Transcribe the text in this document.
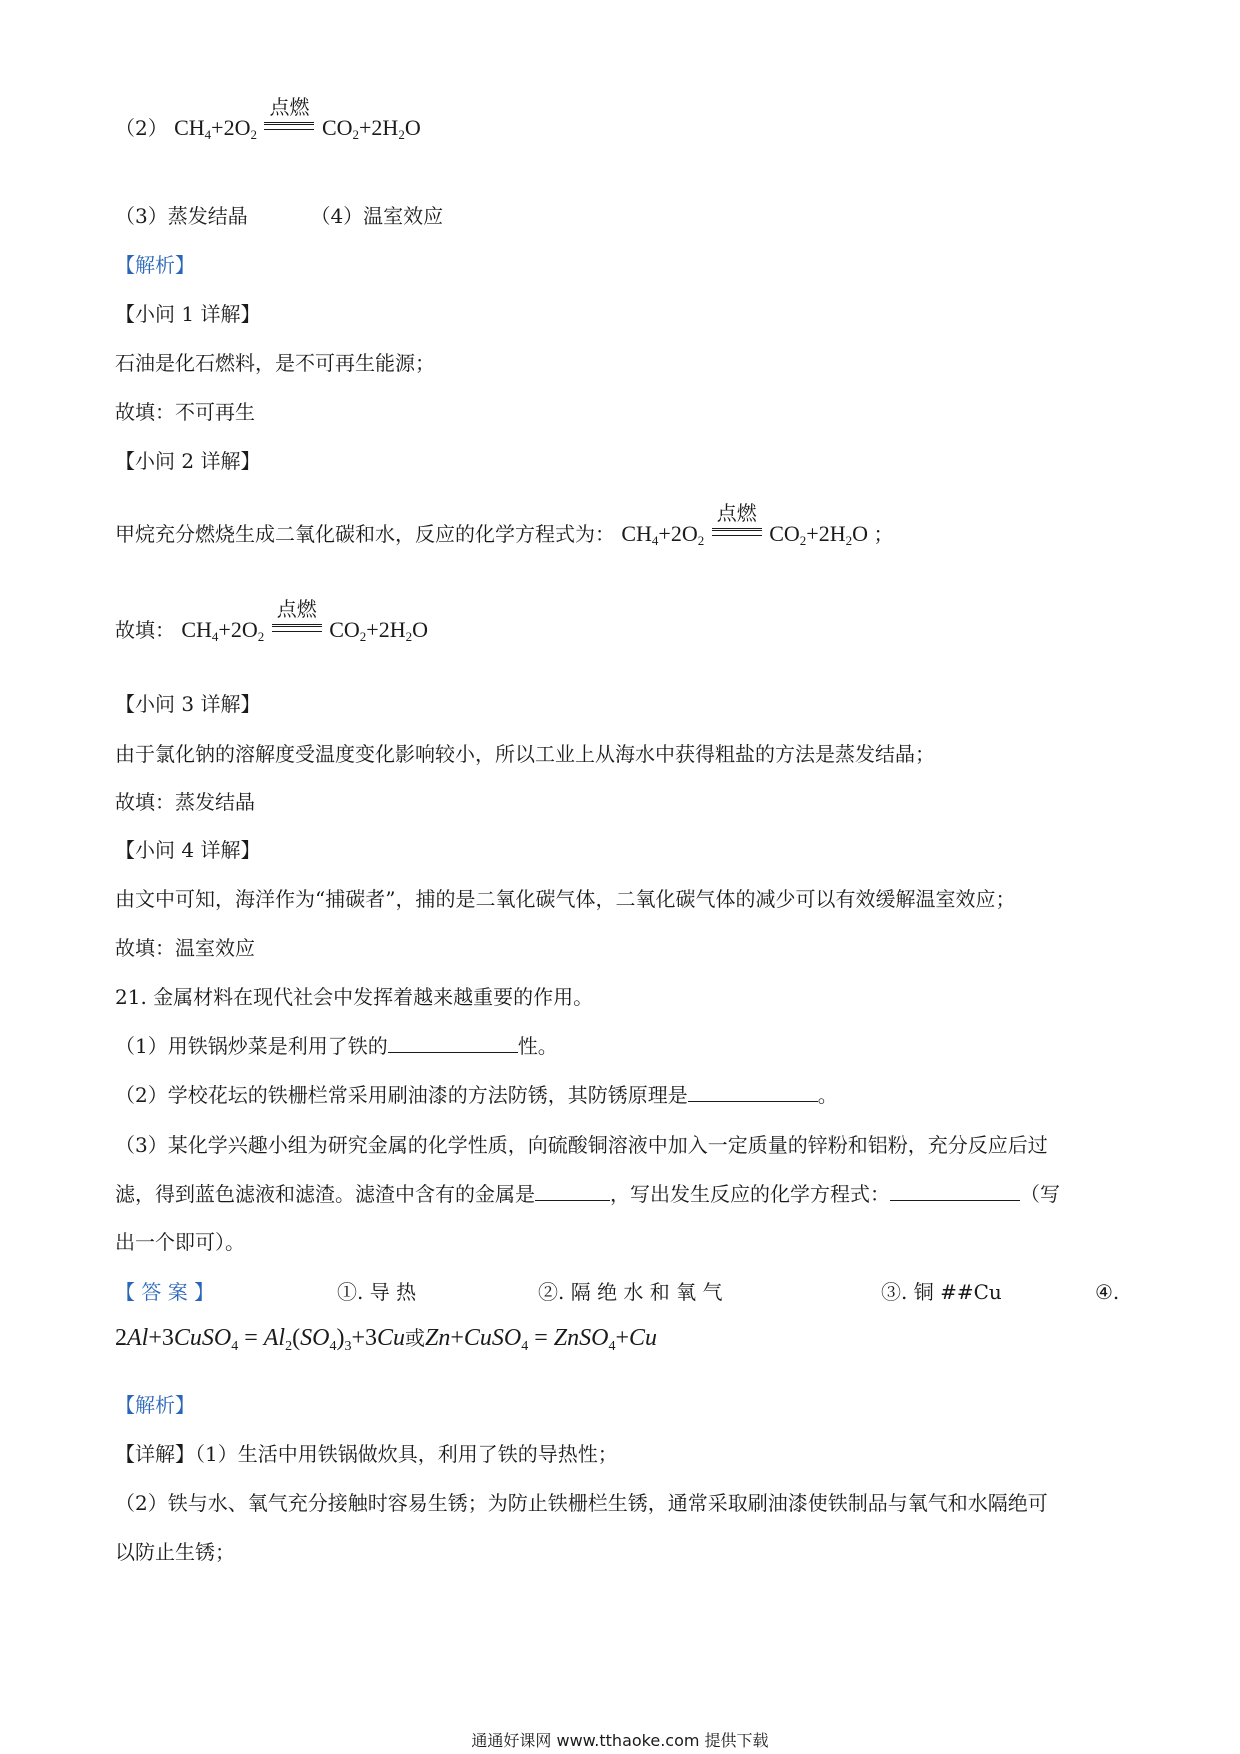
（2） $CH_4+2O_2$
点燃
$CO_2+2H_2O$
（3）蒸发结晶	（4）温室效应
【解析】
【小问 1 详解】
石油是化石燃料，是不可再生能源；
故填：不可再生
【小问 2 详解】
甲烷充分燃烧生成二氧化碳和水，反应的化学方程式为： $CH_4+2O_2$
点燃
$CO_2+2H_2O$ ；
故填： $CH_4+2O_2$
点燃
$CO_2+2H_2O$
【小问 3 详解】
由于氯化钠的溶解度受温度变化影响较小，所以工业上从海水中获得粗盐的方法是蒸发结晶；
故填：蒸发结晶
【小问 4 详解】
由文中可知，海洋作为“捕碳者”，捕的是二氧化碳气体，二氧化碳气体的减少可以有效缓解温室效应；
故填：温室效应
21. 金属材料在现代社会中发挥着越来越重要的作用。
（1）用铁锅炒菜是利用了铁的	性。
（2）学校花坛的铁栅栏常采用刷油漆的方法防锈，其防锈原理是	。
（3）某化学兴趣小组为研究金属的化学性质，向硫酸铜溶液中加入一定质量的锌粉和铝粉，充分反应后过
滤，得到蓝色滤液和滤渣。滤渣中含有的金属是	，写出发生反应的化学方程式：	（写
出一个即可）。
【 答 案 】	①. 导 热	②. 隔 绝 水 和 氧 气	③. 铜 ##Cu	④.
2Al+3CuSO$_4$ = $Al_2(SO_4)_3+3Cu$或Zn+CuSO$_4$ = ZnSO$_4$+Cu
【解析】
【详解】（1）生活中用铁锅做炊具，利用了铁的导热性；
（2）铁与水、氧气充分接触时容易生锈；为防止铁栅栏生锈，通常采取刷油漆使铁制品与氧气和水隔绝可
以防止生锈；
通通好课网 www.tthaoke.com 提供下载
